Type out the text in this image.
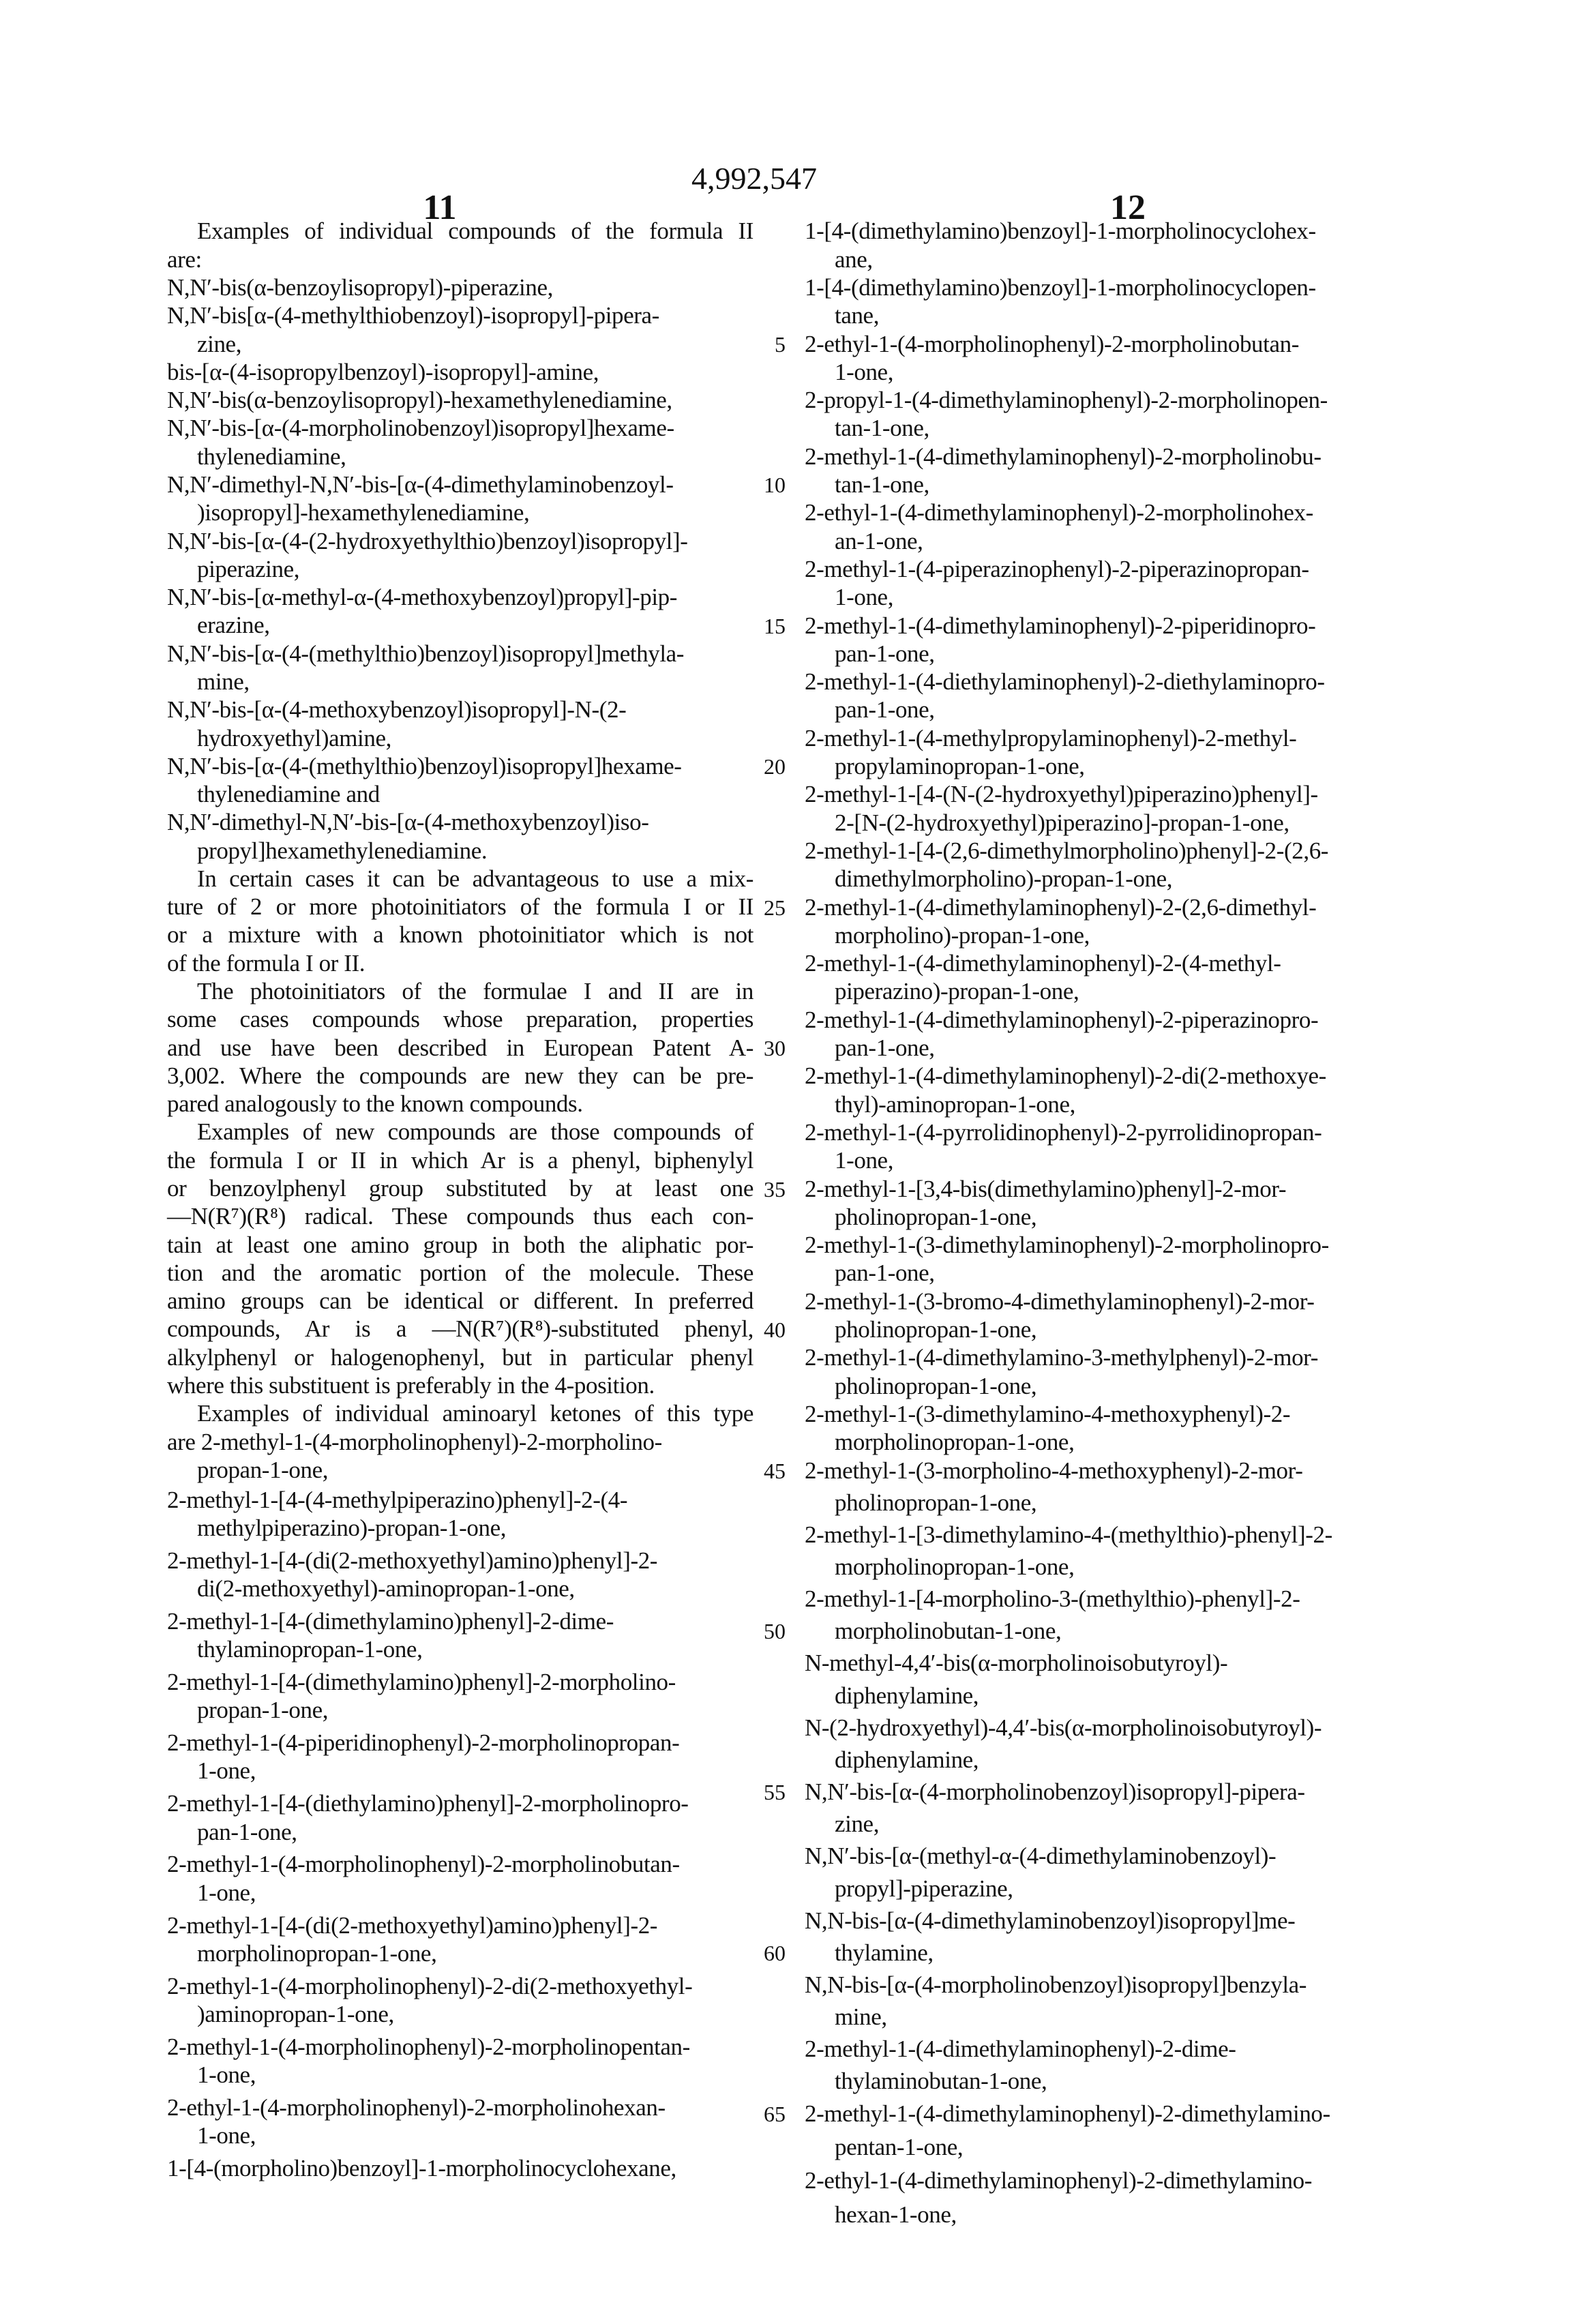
4,992,547
11	12
Examples of individual compounds of the formula II
are:
N,N′-bis(α-benzoylisopropyl)-piperazine,
N,N′-bis[α-(4-methylthiobenzoyl)-isopropyl]-pipera-
zine,
bis-[α-(4-isopropylbenzoyl)-isopropyl]-amine,
N,N′-bis(α-benzoylisopropyl)-hexamethylenediamine,
N,N′-bis-[α-(4-morpholinobenzoyl)isopropyl]hexame-
thylenediamine,
N,N′-dimethyl-N,N′-bis-[α-(4-dimethylaminobenzoyl-
)isopropyl]-hexamethylenediamine,
N,N′-bis-[α-(4-(2-hydroxyethylthio)benzoyl)isopropyl]-
piperazine,
N,N′-bis-[α-methyl-α-(4-methoxybenzoyl)propyl]-pip-
erazine,
N,N′-bis-[α-(4-(methylthio)benzoyl)isopropyl]methyla-
mine,
N,N′-bis-[α-(4-methoxybenzoyl)isopropyl]-N-(2-
hydroxyethyl)amine,
N,N′-bis-[α-(4-(methylthio)benzoyl)isopropyl]hexame-
thylenediamine and
N,N′-dimethyl-N,N′-bis-[α-(4-methoxybenzoyl)iso-
propyl]hexamethylenediamine.
In certain cases it can be advantageous to use a mix-
ture of 2 or more photoinitiators of the formula I or II
or a mixture with a known photoinitiator which is not
of the formula I or II.
The photoinitiators of the formulae I and II are in
some cases compounds whose preparation, properties
and use have been described in European Patent A-
3,002. Where the compounds are new they can be pre-
pared analogously to the known compounds.
Examples of new compounds are those compounds of
the formula I or II in which Ar is a phenyl, biphenylyl
or benzoylphenyl group substituted by at least one
—N(R⁷)(R⁸) radical. These compounds thus each con-
tain at least one amino group in both the aliphatic por-
tion and the aromatic portion of the molecule. These
amino groups can be identical or different. In preferred
compounds, Ar is a —N(R⁷)(R⁸)-substituted phenyl,
alkylphenyl or halogenophenyl, but in particular phenyl
where this substituent is preferably in the 4-position.
Examples of individual aminoaryl ketones of this type
are 2-methyl-1-(4-morpholinophenyl)-2-morpholino-
propan-1-one,
2-methyl-1-[4-(4-methylpiperazino)phenyl]-2-(4-
methylpiperazino)-propan-1-one,
2-methyl-1-[4-(di(2-methoxyethyl)amino)phenyl]-2-
di(2-methoxyethyl)-aminopropan-1-one,
2-methyl-1-[4-(dimethylamino)phenyl]-2-dime-
thylaminopropan-1-one,
2-methyl-1-[4-(dimethylamino)phenyl]-2-morpholino-
propan-1-one,
2-methyl-1-(4-piperidinophenyl)-2-morpholinopropan-
1-one,
2-methyl-1-[4-(diethylamino)phenyl]-2-morpholinopro-
pan-1-one,
2-methyl-1-(4-morpholinophenyl)-2-morpholinobutan-
1-one,
2-methyl-1-[4-(di(2-methoxyethyl)amino)phenyl]-2-
morpholinopropan-1-one,
2-methyl-1-(4-morpholinophenyl)-2-di(2-methoxyethyl-
)aminopropan-1-one,
2-methyl-1-(4-morpholinophenyl)-2-morpholinopentan-
1-one,
2-ethyl-1-(4-morpholinophenyl)-2-morpholinohexan-
1-one,
1-[4-(morpholino)benzoyl]-1-morpholinocyclohexane,
1-[4-(dimethylamino)benzoyl]-1-morpholinocyclohex-
ane,
1-[4-(dimethylamino)benzoyl]-1-morpholinocyclopen-
tane,
2-ethyl-1-(4-morpholinophenyl)-2-morpholinobutan-
1-one,
2-propyl-1-(4-dimethylaminophenyl)-2-morpholinopen-
tan-1-one,
2-methyl-1-(4-dimethylaminophenyl)-2-morpholinobu-
tan-1-one,
2-ethyl-1-(4-dimethylaminophenyl)-2-morpholinohex-
an-1-one,
2-methyl-1-(4-piperazinophenyl)-2-piperazinopropan-
1-one,
2-methyl-1-(4-dimethylaminophenyl)-2-piperidinopro-
pan-1-one,
2-methyl-1-(4-diethylaminophenyl)-2-diethylaminopro-
pan-1-one,
2-methyl-1-(4-methylpropylaminophenyl)-2-methyl-
propylaminopropan-1-one,
2-methyl-1-[4-(N-(2-hydroxyethyl)piperazino)phenyl]-
2-[N-(2-hydroxyethyl)piperazino]-propan-1-one,
2-methyl-1-[4-(2,6-dimethylmorpholino)phenyl]-2-(2,6-
dimethylmorpholino)-propan-1-one,
2-methyl-1-(4-dimethylaminophenyl)-2-(2,6-dimethyl-
morpholino)-propan-1-one,
2-methyl-1-(4-dimethylaminophenyl)-2-(4-methyl-
piperazino)-propan-1-one,
2-methyl-1-(4-dimethylaminophenyl)-2-piperazinopro-
pan-1-one,
2-methyl-1-(4-dimethylaminophenyl)-2-di(2-methoxye-
thyl)-aminopropan-1-one,
2-methyl-1-(4-pyrrolidinophenyl)-2-pyrrolidinopropan-
1-one,
2-methyl-1-[3,4-bis(dimethylamino)phenyl]-2-mor-
pholinopropan-1-one,
2-methyl-1-(3-dimethylaminophenyl)-2-morpholinopro-
pan-1-one,
2-methyl-1-(3-bromo-4-dimethylaminophenyl)-2-mor-
pholinopropan-1-one,
2-methyl-1-(4-dimethylamino-3-methylphenyl)-2-mor-
pholinopropan-1-one,
2-methyl-1-(3-dimethylamino-4-methoxyphenyl)-2-
morpholinopropan-1-one,
2-methyl-1-(3-morpholino-4-methoxyphenyl)-2-mor-
pholinopropan-1-one,
2-methyl-1-[3-dimethylamino-4-(methylthio)-phenyl]-2-
morpholinopropan-1-one,
2-methyl-1-[4-morpholino-3-(methylthio)-phenyl]-2-
morpholinobutan-1-one,
N-methyl-4,4′-bis(α-morpholinoisobutyroyl)-
diphenylamine,
N-(2-hydroxyethyl)-4,4′-bis(α-morpholinoisobutyroyl)-
diphenylamine,
N,N′-bis-[α-(4-morpholinobenzoyl)isopropyl]-pipera-
zine,
N,N′-bis-[α-(methyl-α-(4-dimethylaminobenzoyl)-
propyl]-piperazine,
N,N-bis-[α-(4-dimethylaminobenzoyl)isopropyl]me-
thylamine,
N,N-bis-[α-(4-morpholinobenzoyl)isopropyl]benzyla-
mine,
2-methyl-1-(4-dimethylaminophenyl)-2-dime-
thylaminobutan-1-one,
2-methyl-1-(4-dimethylaminophenyl)-2-dimethylamino-
pentan-1-one,
2-ethyl-1-(4-dimethylaminophenyl)-2-dimethylamino-
hexan-1-one,
5
10
15
20
25
30
35
40
45
50
55
60
65
